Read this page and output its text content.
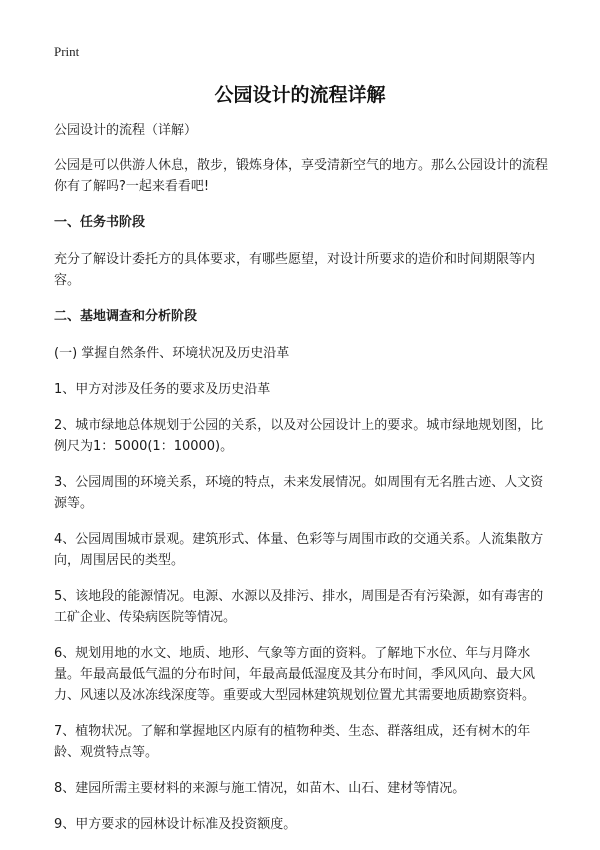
Print
公园设计的流程详解

公园设计的流程（详解）

公园是可以供游人休息，散步，锻炼身体，享受清新空气的地方。那么公园设计的流程你有了解吗?一起来看看吧!

一、任务书阶段

充分了解设计委托方的具体要求，有哪些愿望，对设计所要求的造价和时间期限等内容。

二、基地调查和分析阶段

(一) 掌握自然条件、环境状况及历史沿革

1、甲方对涉及任务的要求及历史沿革

2、城市绿地总体规划于公园的关系，以及对公园设计上的要求。城市绿地规划图，比例尺为1：5000(1：10000)。

3、公园周围的环境关系，环境的特点，未来发展情况。如周围有无名胜古迹、人文资源等。

4、公园周围城市景观。建筑形式、体量、色彩等与周围市政的交通关系。人流集散方向，周围居民的类型。

5、该地段的能源情况。电源、水源以及排污、排水，周围是否有污染源，如有毒害的工矿企业、传染病医院等情况。

6、规划用地的水文、地质、地形、气象等方面的资料。了解地下水位、年与月降水量。年最高最低气温的分布时间，年最高最低湿度及其分布时间，季风风向、最大风力、风速以及冰冻线深度等。重要或大型园林建筑规划位置尤其需要地质勘察资料。

7、植物状况。了解和掌握地区内原有的植物种类、生态、群落组成，还有树木的年龄、观赏特点等。

8、建园所需主要材料的来源与施工情况，如苗木、山石、建材等情况。

9、甲方要求的园林设计标准及投资额度。
